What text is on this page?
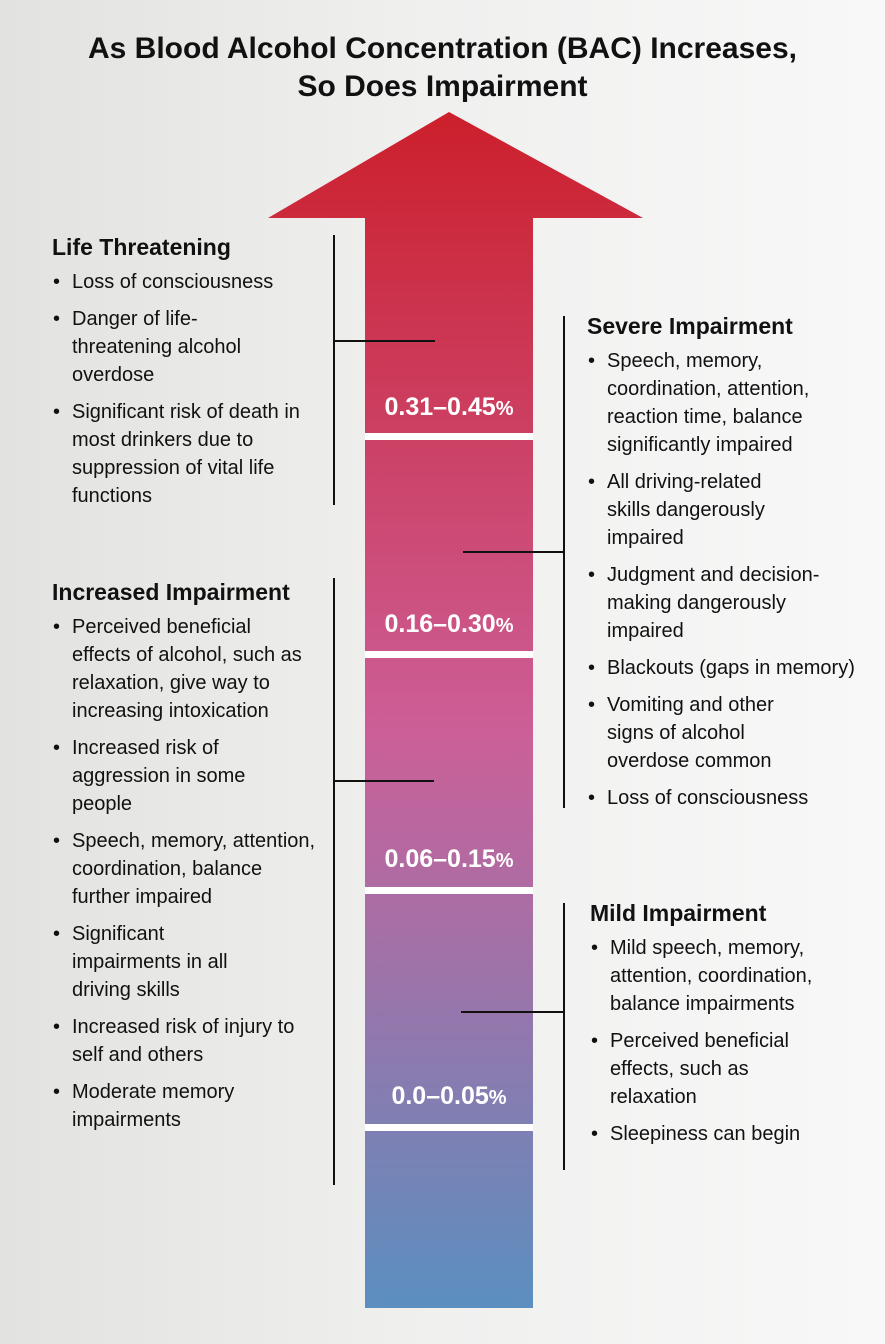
As Blood Alcohol Concentration (BAC) Increases,
So Does Impairment
0.31–0.45%
0.16–0.30%
0.06–0.15%
0.0–0.05%
Life Threatening
• Loss of consciousness
• Danger of life-threatening alcohol overdose
• Significant risk of death in most drinkers due to suppression of vital life functions
Severe Impairment
• Speech, memory, coordination, attention, reaction time, balance significantly impaired
• All driving-related skills dangerously impaired
• Judgment and decision-making dangerously impaired
• Blackouts (gaps in memory)
• Vomiting and other signs of alcohol overdose common
• Loss of consciousness
Increased Impairment
• Perceived beneficial effects of alcohol, such as relaxation, give way to increasing intoxication
• Increased risk of aggression in some people
• Speech, memory, attention, coordination, balance further impaired
• Significant impairments in all driving skills
• Increased risk of injury to self and others
• Moderate memory impairments
Mild Impairment
• Mild speech, memory, attention, coordination, balance impairments
• Perceived beneficial effects, such as relaxation
• Sleepiness can begin
